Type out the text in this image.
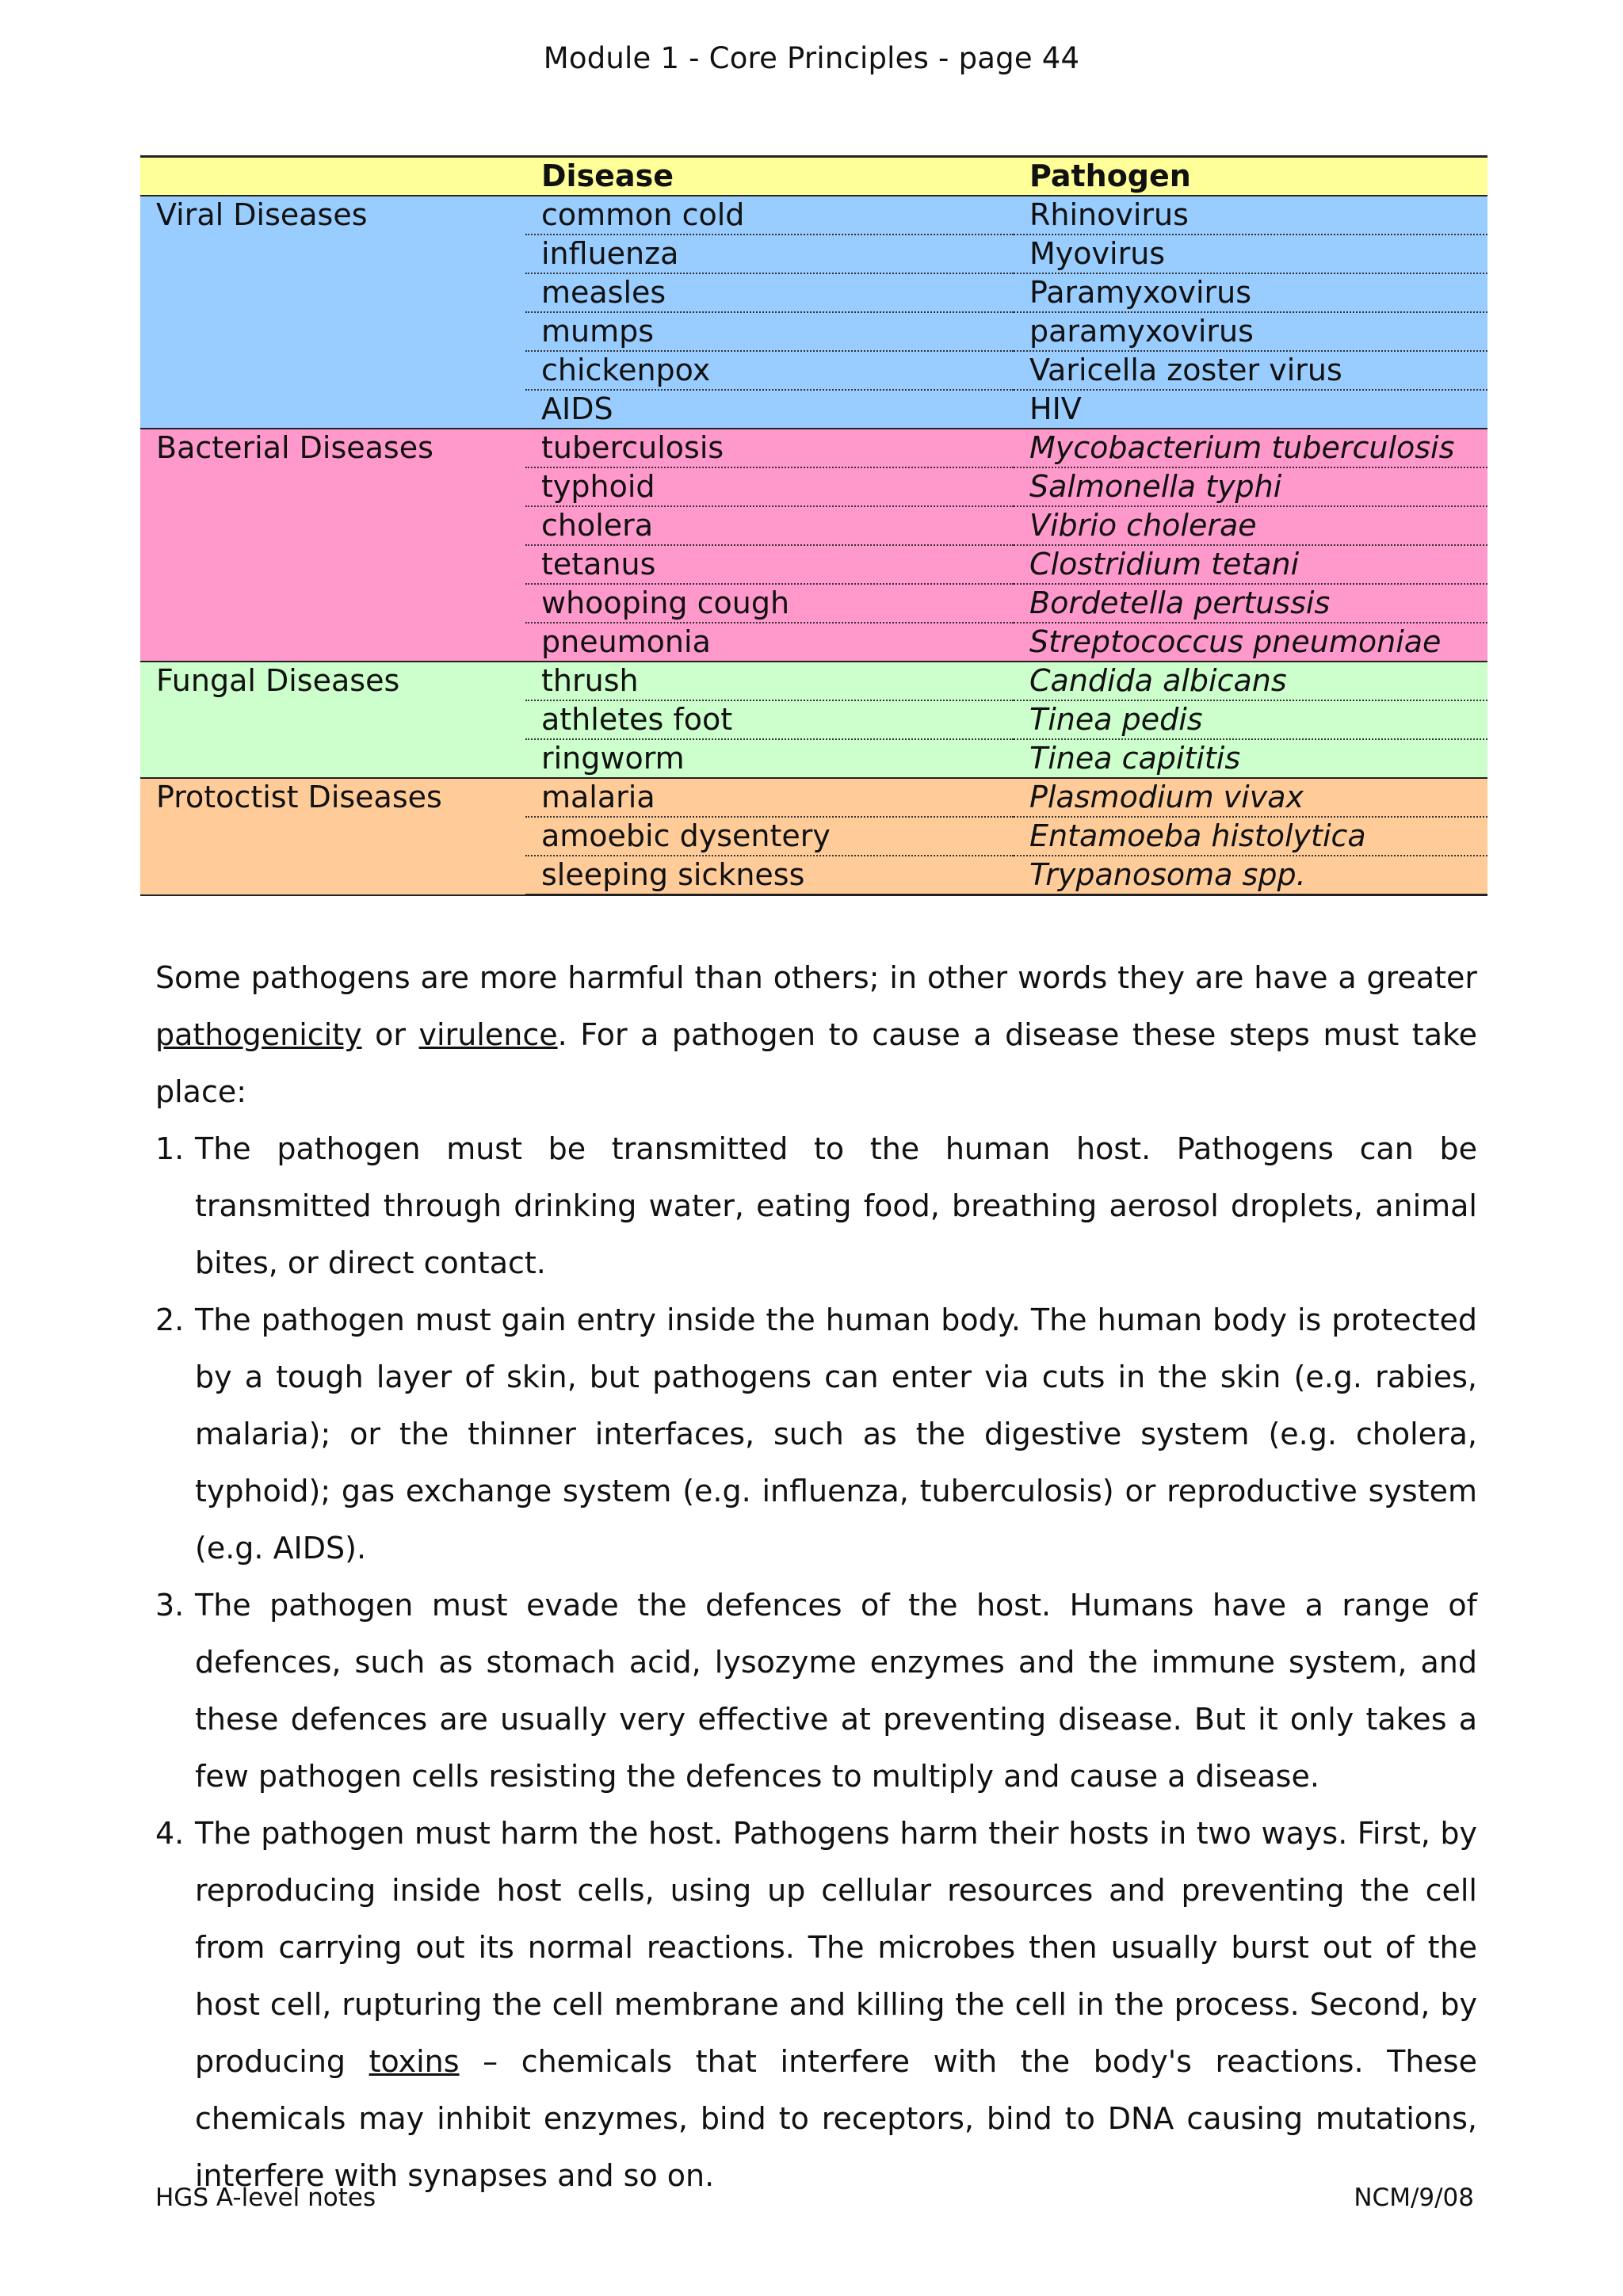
Module 1 - Core Principles - page 44
	Disease	Pathogen
Viral Diseases	common cold	Rhinovirus
	influenza	Myovirus
	measles	Paramyxovirus
	mumps	paramyxovirus
	chickenpox	Varicella zoster virus
	AIDS	HIV
Bacterial Diseases	tuberculosis	Mycobacterium tuberculosis
	typhoid	Salmonella typhi
	cholera	Vibrio cholerae
	tetanus	Clostridium tetani
	whooping cough	Bordetella pertussis
	pneumonia	Streptococcus pneumoniae
Fungal Diseases	thrush	Candida albicans
	athletes foot	Tinea pedis
	ringworm	Tinea capititis
Protoctist Diseases	malaria	Plasmodium vivax
	amoebic dysentery	Entamoeba histolytica
	sleeping sickness	Trypanosoma spp.

Some pathogens are more harmful than others; in other words they are have a greater pathogenicity or virulence. For a pathogen to cause a disease these steps must take place:

1. The pathogen must be transmitted to the human host. Pathogens can be transmitted through drinking water, eating food, breathing aerosol droplets, animal bites, or direct contact.
2. The pathogen must gain entry inside the human body. The human body is protected by a tough layer of skin, but pathogens can enter via cuts in the skin (e.g. rabies, malaria); or the thinner interfaces, such as the digestive system (e.g. cholera, typhoid); gas exchange system (e.g. influenza, tuberculosis) or reproductive system (e.g. AIDS).
3. The pathogen must evade the defences of the host. Humans have a range of defences, such as stomach acid, lysozyme enzymes and the immune system, and these defences are usually very effective at preventing disease. But it only takes a few pathogen cells resisting the defences to multiply and cause a disease.
4. The pathogen must harm the host. Pathogens harm their hosts in two ways. First, by reproducing inside host cells, using up cellular resources and preventing the cell from carrying out its normal reactions. The microbes then usually burst out of the host cell, rupturing the cell membrane and killing the cell in the process. Second, by producing toxins – chemicals that interfere with the body's reactions. These chemicals may inhibit enzymes, bind to receptors, bind to DNA causing mutations, interfere with synapses and so on.
HGS A-level notes	NCM/9/08
